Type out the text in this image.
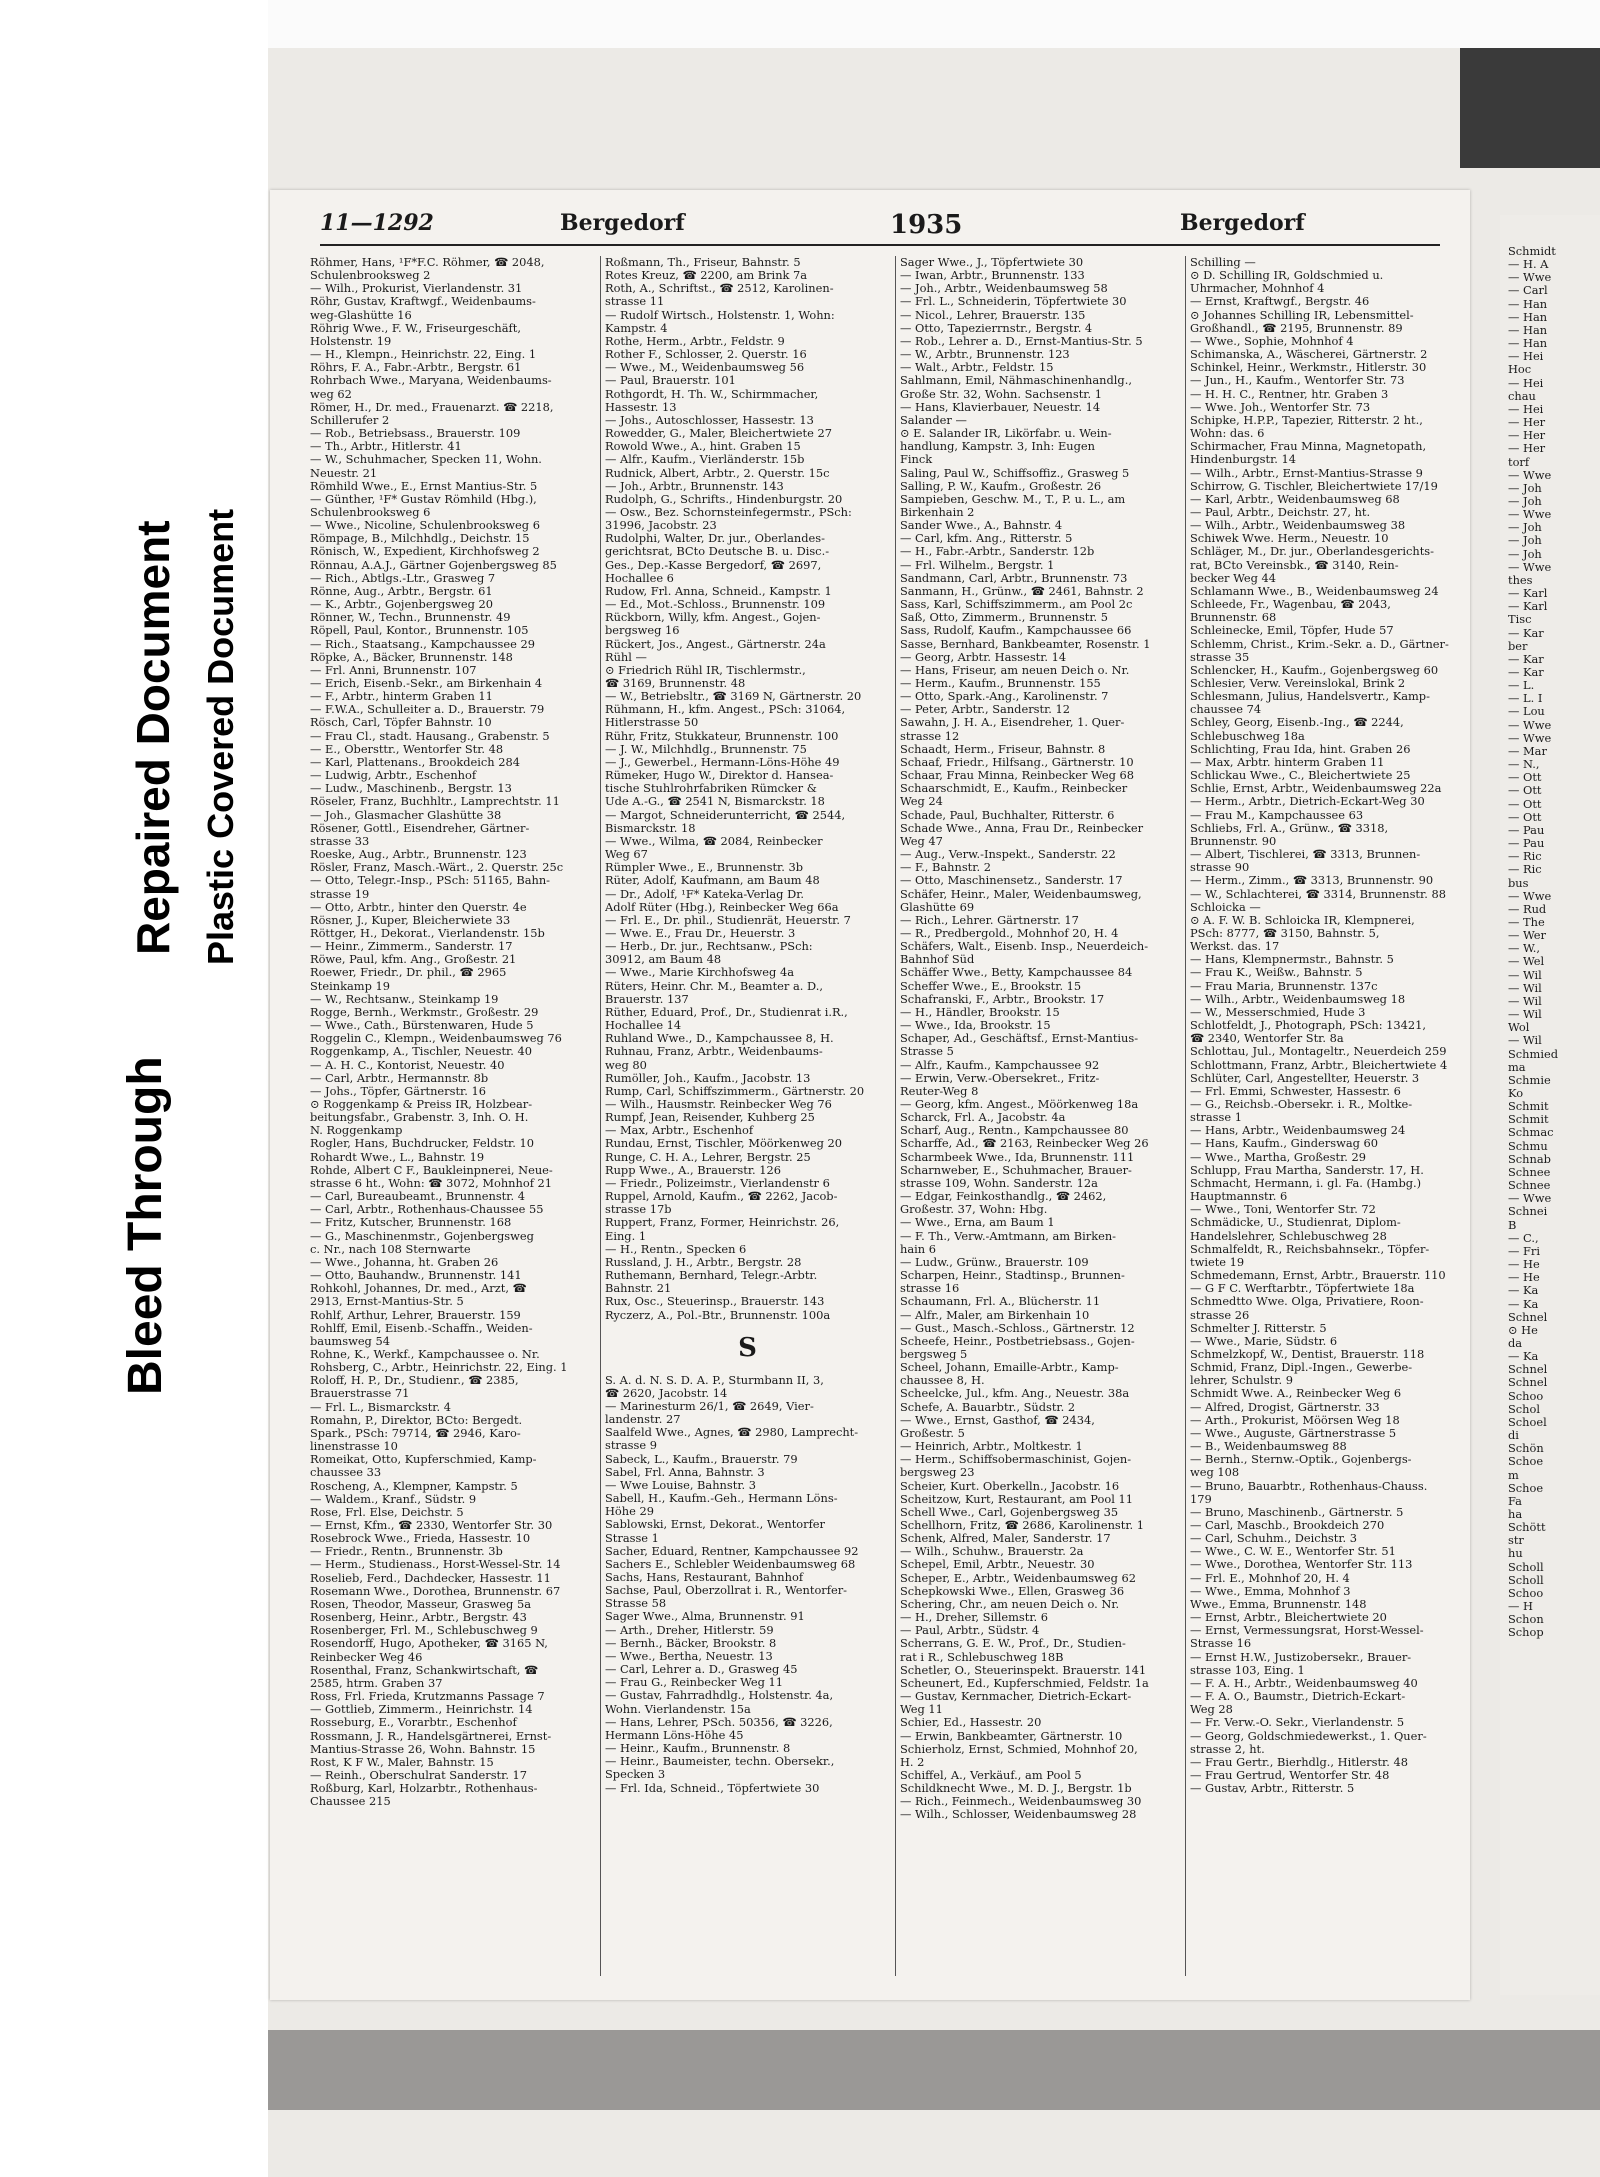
Bleed Through
Repaired Document Plastic Covered Document
11—1292	Bergedorf	1935	Bergedorf
Röhmer, Hans, ¹F*F.C. Röhmer, ☎ 2048,
Schulenbrooksweg 2
— Wilh., Prokurist, Vierlandenstr. 31
Röhr, Gustav, Kraftwgf., Weidenbaums-
weg-Glashütte 16
Röhrig Wwe., F. W., Friseurgeschäft,
Holstenstr. 19
— H., Klempn., Heinrichstr. 22, Eing. 1
Röhrs, F. A., Fabr.-Arbtr., Bergstr. 61
Rohrbach Wwe., Maryana, Weidenbaums-
weg 62
Römer, H., Dr. med., Frauenarzt. ☎ 2218,
Schillerufer 2
— Rob., Betriebsass., Brauerstr. 109
— Th., Arbtr., Hitlerstr. 41
— W., Schuhmacher, Specken 11, Wohn.
Neuestr. 21
Römhild Wwe., E., Ernst Mantius-Str. 5
— Günther, ¹F* Gustav Römhild (Hbg.),
Schulenbrooksweg 6
— Wwe., Nicoline, Schulenbrooksweg 6
Römpage, B., Milchhdlg., Deichstr. 15
Rönisch, W., Expedient, Kirchhofsweg 2
Rönnau, A.A.J., Gärtner Gojenbergsweg 85
— Rich., Abtlgs.-Ltr., Grasweg 7
Rönne, Aug., Arbtr., Bergstr. 61
— K., Arbtr., Gojenbergsweg 20
Rönner, W., Techn., Brunnenstr. 49
Röpell, Paul, Kontor., Brunnenstr. 105
— Rich., Staatsang., Kampchaussee 29
Röpke, A., Bäcker, Brunnenstr. 148
— Frl. Anni, Brunnenstr. 107
— Erich, Eisenb.-Sekr., am Birkenhain 4
— F., Arbtr., hinterm Graben 11
— F.W.A., Schulleiter a. D., Brauerstr. 79
Rösch, Carl, Töpfer Bahnstr. 10
— Frau Cl., stadt. Hausang., Grabenstr. 5
— E., Obersttr., Wentorfer Str. 48
— Karl, Plattenans., Brookdeich 284
— Ludwig, Arbtr., Eschenhof
— Ludw., Maschinenb., Bergstr. 13
Röseler, Franz, Buchhltr., Lamprechtstr. 11
— Joh., Glasmacher Glashütte 38
Rösener, Gottl., Eisendreher, Gärtner-
strasse 33
Roeske, Aug., Arbtr., Brunnenstr. 123
Rösler, Franz, Masch.-Wärt., 2. Querstr. 25c
— Otto, Telegr.-Insp., PSch: 51165, Bahn-
strasse 19
— Otto, Arbtr., hinter den Querstr. 4e
Rösner, J., Kuper, Bleicherwiete 33
Röttger, H., Dekorat., Vierlandenstr. 15b
— Heinr., Zimmerm., Sanderstr. 17
Röwe, Paul, kfm. Ang., Großestr. 21
Roewer, Friedr., Dr. phil., ☎ 2965
Steinkamp 19
— W., Rechtsanw., Steinkamp 19
Rogge, Bernh., Werkmstr., Großestr. 29
— Wwe., Cath., Bürstenwaren, Hude 5
Roggelin C., Klempn., Weidenbaumsweg 76
Roggenkamp, A., Tischler, Neuestr. 40
— A. H. C., Kontorist, Neuestr. 40
— Carl, Arbtr., Hermannstr. 8b
— Johs., Töpfer, Gärtnerstr. 16
⊙ Roggenkamp & Preiss IR, Holzbear-
beitungsfabr., Grabenstr. 3, Inh. O. H.
N. Roggenkamp
Rogler, Hans, Buchdrucker, Feldstr. 10
Rohardt Wwe., L., Bahnstr. 19
Rohde, Albert C F., Baukleinpnerei, Neue-
strasse 6 ht., Wohn: ☎ 3072, Mohnhof 21
— Carl, Bureaubeamt., Brunnenstr. 4
— Carl, Arbtr., Rothenhaus-Chaussee 55
— Fritz, Kutscher, Brunnenstr. 168
— G., Maschinenmstr., Gojenbergsweg
c. Nr., nach 108 Sternwarte
— Wwe., Johanna, ht. Graben 26
— Otto, Bauhandw., Brunnenstr. 141
Rohkohl, Johannes, Dr. med., Arzt, ☎
2913, Ernst-Mantius-Str. 5
Rohlf, Arthur, Lehrer, Brauerstr. 159
Rohlff, Emil, Eisenb.-Schaffn., Weiden-
baumsweg 54
Rohne, K., Werkf., Kampchaussee o. Nr.
Rohsberg, C., Arbtr., Heinrichstr. 22, Eing. 1
Roloff, H. P., Dr., Studienr., ☎ 2385,
Brauerstrasse 71
— Frl. L., Bismarckstr. 4
Romahn, P., Direktor, BCto: Bergedt.
Spark., PSch: 79714, ☎ 2946, Karo-
linenstrasse 10
Romeikat, Otto, Kupferschmied, Kamp-
chaussee 33
Roscheng, A., Klempner, Kampstr. 5
— Waldem., Kranf., Südstr. 9
Rose, Frl. Else, Deichstr. 5
— Ernst, Kfm., ☎ 2330, Wentorfer Str. 30
Rosebrock Wwe., Frieda, Hassestr. 10
— Friedr., Rentn., Brunnenstr. 3b
— Herm., Studienass., Horst-Wessel-Str. 14
Roselieb, Ferd., Dachdecker, Hassestr. 11
Rosemann Wwe., Dorothea, Brunnenstr. 67
Rosen, Theodor, Masseur, Grasweg 5a
Rosenberg, Heinr., Arbtr., Bergstr. 43
Rosenberger, Frl. M., Schlebuschweg 9
Rosendorff, Hugo, Apotheker, ☎ 3165 N,
Reinbecker Weg 46
Rosenthal, Franz, Schankwirtschaft, ☎
2585, htrm. Graben 37
Ross, Frl. Frieda, Krutzmanns Passage 7
— Gottlieb, Zimmerm., Heinrichstr. 14
Rosseburg, E., Vorarbtr., Eschenhof
Rossmann, J. R., Handelsgärtnerei, Ernst-
Mantius-Strasse 26, Wohn. Bahnstr. 15
Rost, K F W., Maler, Bahnstr. 15
— Reinh., Oberschulrat Sanderstr. 17
Roßburg, Karl, Holzarbtr., Rothenhaus-
Chaussee 215
Roßmann, Th., Friseur, Bahnstr. 5
Rotes Kreuz, ☎ 2200, am Brink 7a
Roth, A., Schriftst., ☎ 2512, Karolinen-
strasse 11
— Rudolf Wirtsch., Holstenstr. 1, Wohn:
Kampstr. 4
Rothe, Herm., Arbtr., Feldstr. 9
Rother F., Schlosser, 2. Querstr. 16
— Wwe., M., Weidenbaumsweg 56
— Paul, Brauerstr. 101
Rothgordt, H. Th. W., Schirmmacher,
Hassestr. 13
— Johs., Autoschlosser, Hassestr. 13
Rowedder, G., Maler, Bleichertwiete 27
Rowold Wwe., A., hint. Graben 15
— Alfr., Kaufm., Vierländerstr. 15b
Rudnick, Albert, Arbtr., 2. Querstr. 15c
— Joh., Arbtr., Brunnenstr. 143
Rudolph, G., Schrifts., Hindenburgstr. 20
— Osw., Bez. Schornsteinfegermstr., PSch:
31996, Jacobstr. 23
Rudolphi, Walter, Dr. jur., Oberlandes-
gerichtsrat, BCto Deutsche B. u. Disc.-
Ges., Dep.-Kasse Bergedorf, ☎ 2697,
Hochallee 6
Rudow, Frl. Anna, Schneid., Kampstr. 1
— Ed., Mot.-Schloss., Brunnenstr. 109
Rückborn, Willy, kfm. Angest., Gojen-
bergsweg 16
Rückert, Jos., Angest., Gärtnerstr. 24a
Rühl —
⊙ Friedrich Rühl IR, Tischlermstr.,
☎ 3169, Brunnenstr. 48
— W., Betriebsltr., ☎ 3169 N, Gärtnerstr. 20
Rühmann, H., kfm. Angest., PSch: 31064,
Hitlerstrasse 50
Rühr, Fritz, Stukkateur, Brunnenstr. 100
— J. W., Milchhdlg., Brunnenstr. 75
— J., Gewerbel., Hermann-Löns-Höhe 49
Rümeker, Hugo W., Direktor d. Hansea-
tische Stuhlrohrfabriken Rümcker &
Ude A.-G., ☎ 2541 N, Bismarckstr. 18
— Margot, Schneiderunterricht, ☎ 2544,
Bismarckstr. 18
— Wwe., Wilma, ☎ 2084, Reinbecker
Weg 67
Rümpler Wwe., E., Brunnenstr. 3b
Rüter, Adolf, Kaufmann, am Baum 48
— Dr., Adolf, ¹F* Kateka-Verlag Dr.
Adolf Rüter (Hbg.), Reinbecker Weg 66a
— Frl. E., Dr. phil., Studienrät, Heuerstr. 7
— Wwe. E., Frau Dr., Heuerstr. 3
— Herb., Dr. jur., Rechtsanw., PSch:
30912, am Baum 48
— Wwe., Marie Kirchhofsweg 4a
Rüters, Heinr. Chr. M., Beamter a. D.,
Brauerstr. 137
Rüther, Eduard, Prof., Dr., Studienrat i.R.,
Hochallee 14
Ruhland Wwe., D., Kampchaussee 8, H.
Ruhnau, Franz, Arbtr., Weidenbaums-
weg 80
Rumöller, Joh., Kaufm., Jacobstr. 13
Rump, Carl, Schiffszimmerm., Gärtnerstr. 20
— Wilh., Hausmstr. Reinbecker Weg 76
Rumpf, Jean, Reisender, Kuhberg 25
— Max, Arbtr., Eschenhof
Rundau, Ernst, Tischler, Möörkenweg 20
Runge, C. H. A., Lehrer, Bergstr. 25
Rupp Wwe., A., Brauerstr. 126
— Friedr., Polizeimstr., Vierlandenstr 6
Ruppel, Arnold, Kaufm., ☎ 2262, Jacob-
strasse 17b
Ruppert, Franz, Former, Heinrichstr. 26,
Eing. 1
— H., Rentn., Specken 6
Russland, J. H., Arbtr., Bergstr. 28
Ruthemann, Bernhard, Telegr.-Arbtr.
Bahnstr. 21
Rux, Osc., Steuerinsp., Brauerstr. 143
Ryczerz, A., Pol.-Btr., Brunnenstr. 100a
S
S. A. d. N. S. D. A. P., Sturmbann II, 3,
☎ 2620, Jacobstr. 14
— Marinesturm 26/1, ☎ 2649, Vier-
landenstr. 27
Saalfeld Wwe., Agnes, ☎ 2980, Lamprecht-
strasse 9
Sabeck, L., Kaufm., Brauerstr. 79
Sabel, Frl. Anna, Bahnstr. 3
— Wwe Louise, Bahnstr. 3
Sabell, H., Kaufm.-Geh., Hermann Löns-
Höhe 29
Sablowski, Ernst, Dekorat., Wentorfer
Strasse 1
Sacher, Eduard, Rentner, Kampchaussee 92
Sachers E., Schlebler Weidenbaumsweg 68
Sachs, Hans, Restaurant, Bahnhof
Sachse, Paul, Oberzollrat i. R., Wentorfer-
Strasse 58
Sager Wwe., Alma, Brunnenstr. 91
— Arth., Dreher, Hitlerstr. 59
— Bernh., Bäcker, Brookstr. 8
— Wwe., Bertha, Neuestr. 13
— Carl, Lehrer a. D., Grasweg 45
— Frau G., Reinbecker Weg 11
— Gustav, Fahrradhdlg., Holstenstr. 4a,
Wohn. Vierlandenstr. 15a
— Hans, Lehrer, PSch. 50356, ☎ 3226,
Hermann Löns-Höhe 45
— Heinr., Kaufm., Brunnenstr. 8
— Heinr., Baumeister, techn. Obersekr.,
Specken 3
— Frl. Ida, Schneid., Töpfertwiete 30
Sager Wwe., J., Töpfertwiete 30
— Iwan, Arbtr., Brunnenstr. 133
— Joh., Arbtr., Weidenbaumsweg 58
— Frl. L., Schneiderin, Töpfertwiete 30
— Nicol., Lehrer, Brauerstr. 135
— Otto, Tapezierrnstr., Bergstr. 4
— Rob., Lehrer a. D., Ernst-Mantius-Str. 5
— W., Arbtr., Brunnenstr. 123
— Walt., Arbtr., Feldstr. 15
Sahlmann, Emil, Nähmaschinenhandlg.,
Große Str. 32, Wohn. Sachsenstr. 1
— Hans, Klavierbauer, Neuestr. 14
Salander —
⊙ E. Salander IR, Likörfabr. u. Wein-
handlung, Kampstr. 3, Inh: Eugen
Finck
Saling, Paul W., Schiffsoffiz., Grasweg 5
Salling, P. W., Kaufm., Großestr. 26
Sampieben, Geschw. M., T., P. u. L., am
Birkenhain 2
Sander Wwe., A., Bahnstr. 4
— Carl, kfm. Ang., Ritterstr. 5
— H., Fabr.-Arbtr., Sanderstr. 12b
— Frl. Wilhelm., Bergstr. 1
Sandmann, Carl, Arbtr., Brunnenstr. 73
Sanmann, H., Grünw., ☎ 2461, Bahnstr. 2
Sass, Karl, Schiffszimmerm., am Pool 2c
Saß, Otto, Zimmerm., Brunnenstr. 5
Sass, Rudolf, Kaufm., Kampchaussee 66
Sasse, Bernhard, Bankbeamter, Rosenstr. 1
— Georg, Arbtr. Hassestr. 14
— Hans, Friseur, am neuen Deich o. Nr.
— Herm., Kaufm., Brunnenstr. 155
— Otto, Spark.-Ang., Karolinenstr. 7
— Peter, Arbtr., Sanderstr. 12
Sawahn, J. H. A., Eisendreher, 1. Quer-
strasse 12
Schaadt, Herm., Friseur, Bahnstr. 8
Schaaf, Friedr., Hilfsang., Gärtnerstr. 10
Schaar, Frau Minna, Reinbecker Weg 68
Schaarschmidt, E., Kaufm., Reinbecker
Weg 24
Schade, Paul, Buchhalter, Ritterstr. 6
Schade Wwe., Anna, Frau Dr., Reinbecker
Weg 47
— Aug., Verw.-Inspekt., Sanderstr. 22
— F., Bahnstr. 2
— Otto, Maschinensetz., Sanderstr. 17
Schäfer, Heinr., Maler, Weidenbaumsweg,
Glashütte 69
— Rich., Lehrer. Gärtnerstr. 17
— R., Predbergold., Mohnhof 20, H. 4
Schäfers, Walt., Eisenb. Insp., Neuerdeich-
Bahnhof Süd
Schäffer Wwe., Betty, Kampchaussee 84
Scheffer Wwe., E., Brookstr. 15
Schafranski, F., Arbtr., Brookstr. 17
— H., Händler, Brookstr. 15
— Wwe., Ida, Brookstr. 15
Schaper, Ad., Geschäftsf., Ernst-Mantius-
Strasse 5
— Alfr., Kaufm., Kampchaussee 92
— Erwin, Verw.-Obersekret., Fritz-
Reuter-Weg 8
— Georg, kfm. Angest., Möörkenweg 18a
Scharck, Frl. A., Jacobstr. 4a
Scharf, Aug., Rentn., Kampchaussee 80
Scharffe, Ad., ☎ 2163, Reinbecker Weg 26
Scharmbeek Wwe., Ida, Brunnenstr. 111
Scharnweber, E., Schuhmacher, Brauer-
strasse 109, Wohn. Sanderstr. 12a
— Edgar, Feinkosthandlg., ☎ 2462,
Großestr. 37, Wohn: Hbg.
— Wwe., Erna, am Baum 1
— F. Th., Verw.-Amtmann, am Birken-
hain 6
— Ludw., Grünw., Brauerstr. 109
Scharpen, Heinr., Stadtinsp., Brunnen-
strasse 16
Schaumann, Frl. A., Blücherstr. 11
— Alfr., Maler, am Birkenhain 10
— Gust., Masch.-Schloss., Gärtnerstr. 12
Scheefe, Heinr., Postbetriebsass., Gojen-
bergsweg 5
Scheel, Johann, Emaille-Arbtr., Kamp-
chaussee 8, H.
Scheelcke, Jul., kfm. Ang., Neuestr. 38a
Schefe, A. Bauarbtr., Südstr. 2
— Wwe., Ernst, Gasthof, ☎ 2434,
Großestr. 5
— Heinrich, Arbtr., Moltkestr. 1
— Herm., Schiffsobermaschinist, Gojen-
bergsweg 23
Scheier, Kurt. Oberkelln., Jacobstr. 16
Scheitzow, Kurt, Restaurant, am Pool 11
Schell Wwe., Carl, Gojenbergsweg 35
Schellhorn, Fritz, ☎ 2686, Karolinenstr. 1
Schenk, Alfred, Maler, Sanderstr. 17
— Wilh., Schuhw., Brauerstr. 2a
Schepel, Emil, Arbtr., Neuestr. 30
Scheper, E., Arbtr., Weidenbaumsweg 62
Schepkowski Wwe., Ellen, Grasweg 36
Schering, Chr., am neuen Deich o. Nr.
— H., Dreher, Sillemstr. 6
— Paul, Arbtr., Südstr. 4
Scherrans, G. E. W., Prof., Dr., Studien-
rat i R., Schlebuschweg 18B
Schetler, O., Steuerinspekt. Brauerstr. 141
Scheunert, Ed., Kupferschmied, Feldstr. 1a
— Gustav, Kernmacher, Dietrich-Eckart-
Weg 11
Schier, Ed., Hassestr. 20
— Erwin, Bankbeamter, Gärtnerstr. 10
Schierholz, Ernst, Schmied, Mohnhof 20,
H. 2
Schiffel, A., Verkäuf., am Pool 5
Schildknecht Wwe., M. D. J., Bergstr. 1b
— Rich., Feinmech., Weidenbaumsweg 30
— Wilh., Schlosser, Weidenbaumsweg 28
Schilling —
⊙ D. Schilling IR, Goldschmied u.
Uhrmacher, Mohnhof 4
— Ernst, Kraftwgf., Bergstr. 46
⊙ Johannes Schilling IR, Lebensmittel-
Großhandl., ☎ 2195, Brunnenstr. 89
— Wwe., Sophie, Mohnhof 4
Schimanska, A., Wäscherei, Gärtnerstr. 2
Schinkel, Heinr., Werkmstr., Hitlerstr. 30
— Jun., H., Kaufm., Wentorfer Str. 73
— H. H. C., Rentner, htr. Graben 3
— Wwe. Joh., Wentorfer Str. 73
Schipke, H.P.P., Tapezier, Ritterstr. 2 ht.,
Wohn: das. 6
Schirmacher, Frau Minna, Magnetopath,
Hindenburgstr. 14
— Wilh., Arbtr., Ernst-Mantius-Strasse 9
Schirrow, G. Tischler, Bleichertwiete 17/19
— Karl, Arbtr., Weidenbaumsweg 68
— Paul, Arbtr., Deichstr. 27, ht.
— Wilh., Arbtr., Weidenbaumsweg 38
Schiwek Wwe. Herm., Neuestr. 10
Schläger, M., Dr. jur., Oberlandesgerichts-
rat, BCto Vereinsbk., ☎ 3140, Rein-
becker Weg 44
Schlamann Wwe., B., Weidenbaumsweg 24
Schleede, Fr., Wagenbau, ☎ 2043,
Brunnenstr. 68
Schleinecke, Emil, Töpfer, Hude 57
Schlemm, Christ., Krim.-Sekr. a. D., Gärtner-
strasse 35
Schlencker, H., Kaufm., Gojenbergsweg 60
Schlesier, Verw. Vereinslokal, Brink 2
Schlesmann, Julius, Handelsvertr., Kamp-
chaussee 74
Schley, Georg, Eisenb.-Ing., ☎ 2244,
Schlebuschweg 18a
Schlichting, Frau Ida, hint. Graben 26
— Max, Arbtr. hinterm Graben 11
Schlickau Wwe., C., Bleichertwiete 25
Schlie, Ernst, Arbtr., Weidenbaumsweg 22a
— Herm., Arbtr., Dietrich-Eckart-Weg 30
— Frau M., Kampchaussee 63
Schliebs, Frl. A., Grünw., ☎ 3318,
Brunnenstr. 90
— Albert, Tischlerei, ☎ 3313, Brunnen-
strasse 90
— Herm., Zimm., ☎ 3313, Brunnenstr. 90
— W., Schlachterei, ☎ 3314, Brunnenstr. 88
Schloicka —
⊙ A. F. W. B. Schloicka IR, Klempnerei,
PSch: 8777, ☎ 3150, Bahnstr. 5,
Werkst. das. 17
— Hans, Klempnermstr., Bahnstr. 5
— Frau K., Weißw., Bahnstr. 5
— Frau Maria, Brunnenstr. 137c
— Wilh., Arbtr., Weidenbaumsweg 18
— W., Messerschmied, Hude 3
Schlotfeldt, J., Photograph, PSch: 13421,
☎ 2340, Wentorfer Str. 8a
Schlottau, Jul., Montageltr., Neuerdeich 259
Schlottmann, Franz, Arbtr., Bleichertwiete 4
Schlüter, Carl, Angestellter, Heuerstr. 3
— Frl. Emmi, Schwester, Hassestr. 6
— G., Reichsb.-Obersekr. i. R., Moltke-
strasse 1
— Hans, Arbtr., Weidenbaumsweg 24
— Hans, Kaufm., Ginderswag 60
— Wwe., Martha, Großestr. 29
Schlupp, Frau Martha, Sanderstr. 17, H.
Schmacht, Hermann, i. gl. Fa. (Hambg.)
Hauptmannstr. 6
— Wwe., Toni, Wentorfer Str. 72
Schmädicke, U., Studienrat, Diplom-
Handelslehrer, Schlebuschweg 28
Schmalfeldt, R., Reichsbahnsekr., Töpfer-
twiete 19
Schmedemann, Ernst, Arbtr., Brauerstr. 110
— G F C. Werftarbtr., Töpfertwiete 18a
Schmedtto Wwe. Olga, Privatiere, Roon-
strasse 26
Schmelter J. Ritterstr. 5
— Wwe., Marie, Südstr. 6
Schmelzkopf, W., Dentist, Brauerstr. 118
Schmid, Franz, Dipl.-Ingen., Gewerbe-
lehrer, Schulstr. 9
Schmidt Wwe. A., Reinbecker Weg 6
— Alfred, Drogist, Gärtnerstr. 33
— Arth., Prokurist, Möörsen Weg 18
— Wwe., Auguste, Gärtnerstrasse 5
— B., Weidenbaumsweg 88
— Bernh., Sternw.-Optik., Gojenbergs-
weg 108
— Bruno, Bauarbtr., Rothenhaus-Chauss.
179
— Bruno, Maschinenb., Gärtnerstr. 5
— Carl, Maschb., Brookdeich 270
— Carl, Schuhm., Deichstr. 3
— Wwe., C. W. E., Wentorfer Str. 51
— Wwe., Dorothea, Wentorfer Str. 113
— Frl. E., Mohnhof 20, H. 4
— Wwe., Emma, Mohnhof 3
Wwe., Emma, Brunnenstr. 148
— Ernst, Arbtr., Bleichertwiete 20
— Ernst, Vermessungsrat, Horst-Wessel-
Strasse 16
— Ernst H.W., Justizobersekr., Brauer-
strasse 103, Eing. 1
— F. A. H., Arbtr., Weidenbaumsweg 40
— F. A. O., Baumstr., Dietrich-Eckart-
Weg 28
— Fr. Verw.-O. Sekr., Vierlandenstr. 5
— Georg, Goldschmiedewerkst., 1. Quer-
strasse 2, ht.
— Frau Gertr., Bierhdlg., Hitlerstr. 48
— Frau Gertrud, Wentorfer Str. 48
— Gustav, Arbtr., Ritterstr. 5
Schmidt
— H. A
— Wwe
— Carl
— Han
— Han
— Han
— Han
— Hei
Hoc
— Hei
chau
— Hei
— Her
— Her
— Her
torf
— Wwe
— Joh
— Joh
— Wwe
— Joh
— Joh
— Joh
— Wwe
thes
— Karl
— Karl
Tisc
— Kar
ber
— Kar
— Kar
— L.
— L. I
— Lou
— Wwe
— Wwe
— Mar
— N.,
— Ott
— Ott
— Ott
— Ott
— Pau
— Pau
— Ric
— Ric
bus
— Wwe
— Rud
— The
— Wer
— W.,
— Wel
— Wil
— Wil
— Wil
— Wil
Wol
— Wil
Schmied
ma
Schmie
Ko
Schmit
Schmit
Schmac
Schmu
Schnab
Schnee
Schnee
— Wwe
Schnei
B
— C.,
— Fri
— He
— He
— Ka
— Ka
Schnel
⊙ He
da
— Ka
Schnel
Schnel
Schoo
Schol
Schoel
di
Schön
Schoe
m
Schoe
Fa
ha
Schött
str
hu
Scholl
Scholl
Schoo
— H
Schon
Schop
